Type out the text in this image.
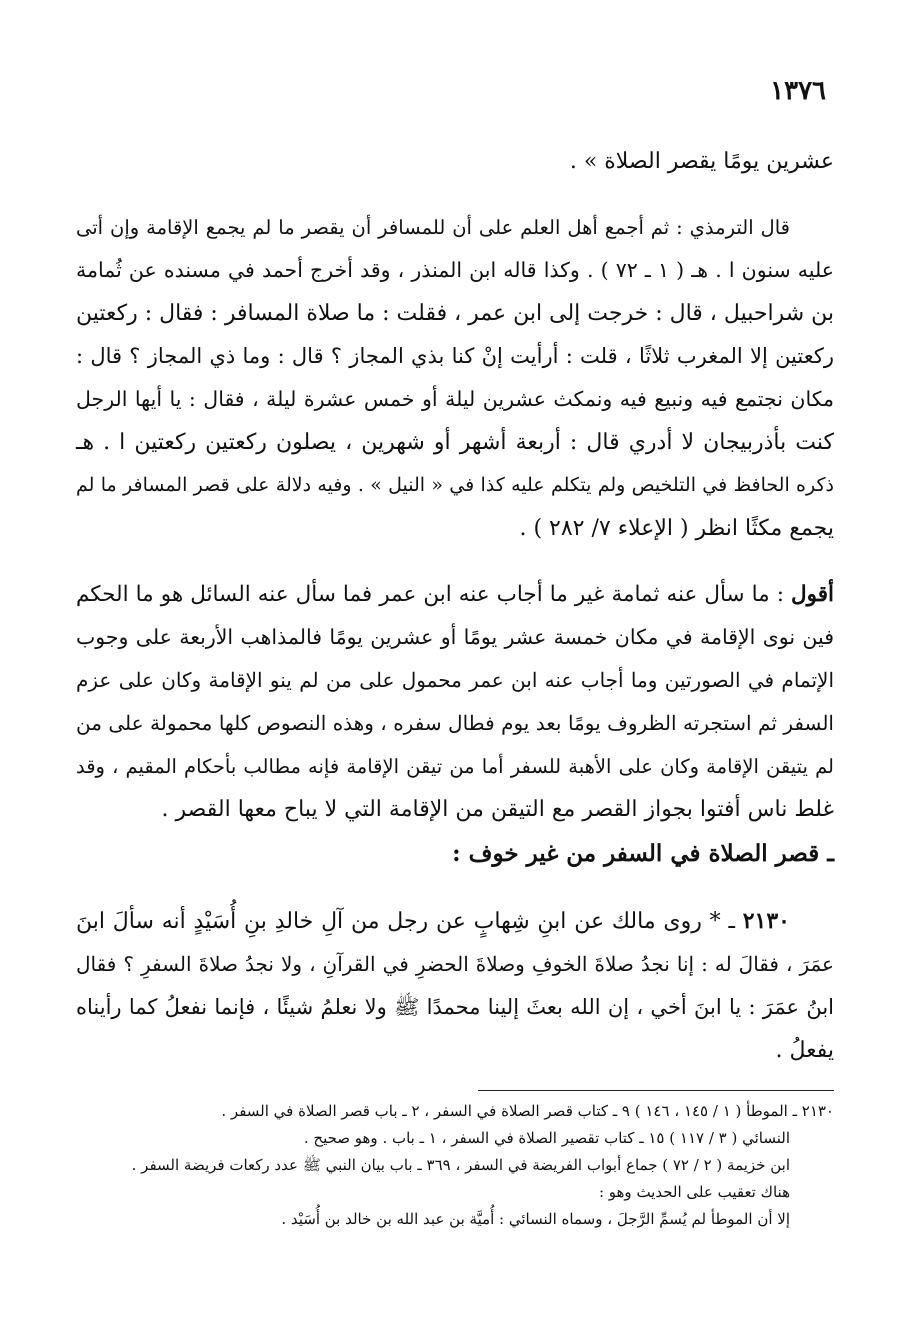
١٣٧٦
عشرين يومًا يقصر الصلاة » .
قال الترمذي : ثم أجمع أهل العلم على أن للمسافر أن يقصر ما لم يجمع الإقامة وإن أتى
عليه سنون ا . هـ ( ١ ـ ٧٢ ) . وكذا قاله ابن المنذر ، وقد أخرج أحمد في مسنده عن ثُمامة
بن شراحبيل ، قال : خرجت إلى ابن عمر ، فقلت : ما صلاة المسافر : فقال : ركعتين
ركعتين إلا المغرب ثلاثًا ، قلت : أرأيت إنْ كنا بذي المجاز ؟ قال : وما ذي المجاز ؟ قال :
مكان نجتمع فيه ونبيع فيه ونمكث عشرين ليلة أو خمس عشرة ليلة ، فقال : يا أيها الرجل
كنت بأذربيجان لا أدري قال : أربعة أشهر أو شهرين ، يصلون ركعتين ركعتين ا . هـ
ذكره الحافظ في التلخيص ولم يتكلم عليه كذا في « النيل » . وفيه دلالة على قصر المسافر ما لم
يجمع مكثًا انظر ( الإعلاء ٧/ ٢٨٢ ) .
أقول : ما سأل عنه ثمامة غير ما أجاب عنه ابن عمر فما سأل عنه السائل هو ما الحكم
فين نوى الإقامة في مكان خمسة عشر يومًا أو عشرين يومًا فالمذاهب الأربعة على وجوب
الإتمام في الصورتين وما أجاب عنه ابن عمر محمول على من لم ينو الإقامة وكان على عزم
السفر ثم استجرته الظروف يومًا بعد يوم فطال سفره ، وهذه النصوص كلها محمولة على من
لم يتيقن الإقامة وكان على الأهبة للسفر أما من تيقن الإقامة فإنه مطالب بأحكام المقيم ، وقد
غلط ناس أفتوا بجواز القصر مع التيقن من الإقامة التي لا يباح معها القصر .
ـ قصر الصلاة في السفر من غير خوف :
٢١٣٠ ـ * روى مالك عن ابنِ شِهابٍ عن رجل من آلِ خالدِ بنِ أُسَيْدٍ أنه سألَ ابنَ
عمَرَ ، فقالَ له : إنا نجدُ صلاةَ الخوفِ وصلاةَ الحضرِ في القرآنِ ، ولا نجدُ صلاةَ السفرِ ؟ فقال
ابنُ عمَرَ : يا ابنَ أخي ، إن الله بعثَ إلينا محمدًا ﷺ ولا نعلمُ شيئًا ، فإنما نفعلُ كما رأيناه
يفعلُ .
٢١٣٠ ـ الموطأ ( ١ / ١٤٥ ، ١٤٦ ) ٩ ـ كتاب قصر الصلاة في السفر ، ٢ ـ باب قصر الصلاة في السفر .
النسائي ( ٣ / ١١٧ ) ١٥ ـ كتاب تقصير الصلاة في السفر ، ١ ـ باب . وهو صحيح .
ابن خزيمة ( ٢ / ٧٢ ) جماع أبواب الفريضة في السفر ، ٣٦٩ ـ باب بيان النبي ﷺ عدد ركعات فريضة السفر .
هناك تعقيب على الحديث وهو :
إلا أن الموطأ لم يُسمِّ الرَّجلَ ، وسماه النسائي : أُميَّة بن عبد الله بن خالد بن أُسَيْد .
